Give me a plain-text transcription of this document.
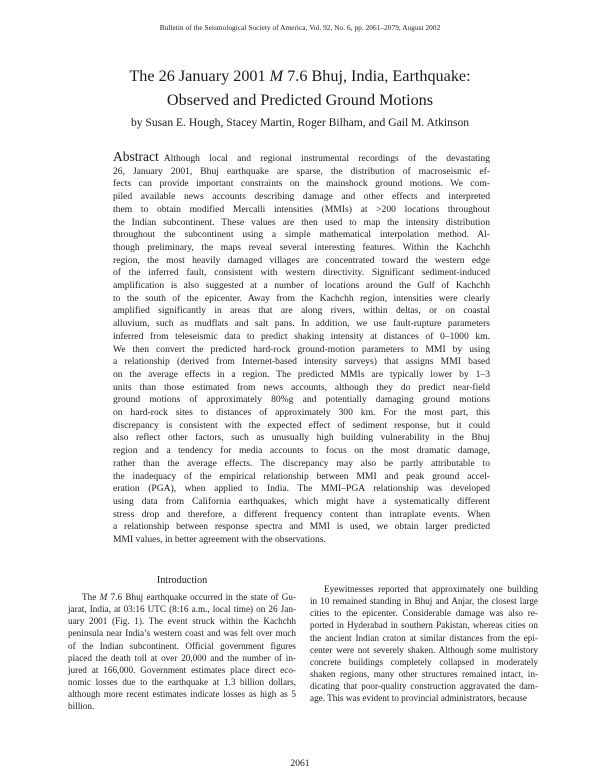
Bulletin of the Seismological Society of America, Vol. 92, No. 6, pp. 2061–2079, August 2002
The 26 January 2001 M 7.6 Bhuj, India, Earthquake:
Observed and Predicted Ground Motions
by Susan E. Hough, Stacey Martin, Roger Bilham, and Gail M. Atkinson
Abstract Although local and regional instrumental recordings of the devastating
26, January 2001, Bhuj earthquake are sparse, the distribution of macroseismic ef-
fects can provide important constraints on the mainshock ground motions. We com-
piled available news accounts describing damage and other effects and interpreted
them to obtain modified Mercalli intensities (MMIs) at >200 locations throughout
the Indian subcontinent. These values are then used to map the intensity distribution
throughout the subcontinent using a simple mathematical interpolation method. Al-
though preliminary, the maps reveal several interesting features. Within the Kachchh
region, the most heavily damaged villages are concentrated toward the western edge
of the inferred fault, consistent with western directivity. Significant sediment-induced
amplification is also suggested at a number of locations around the Gulf of Kachchh
to the south of the epicenter. Away from the Kachchh region, intensities were clearly
amplified significantly in areas that are along rivers, within deltas, or on coastal
alluvium, such as mudflats and salt pans. In addition, we use fault-rupture parameters
inferred from teleseismic data to predict shaking intensity at distances of 0–1000 km.
We then convert the predicted hard-rock ground-motion parameters to MMI by using
a relationship (derived from Internet-based intensity surveys) that assigns MMI based
on the average effects in a region. The predicted MMIs are typically lower by 1–3
units than those estimated from news accounts, although they do predict near-field
ground motions of approximately 80%g and potentially damaging ground motions
on hard-rock sites to distances of approximately 300 km. For the most part, this
discrepancy is consistent with the expected effect of sediment response, but it could
also reflect other factors, such as unusually high building vulnerability in the Bhuj
region and a tendency for media accounts to focus on the most dramatic damage,
rather than the average effects. The discrepancy may also be partly attributable to
the inadequacy of the empirical relationship between MMI and peak ground accel-
eration (PGA), when applied to India. The MMI–PGA relationship was developed
using data from California earthquakes, which might have a systematically different
stress drop and therefore, a different frequency content than intraplate events. When
a relationship between response spectra and MMI is used, we obtain larger predicted
MMI values, in better agreement with the observations.
Introduction
The M 7.6 Bhuj earthquake occurred in the state of Gu-
jarat, India, at 03:16 UTC (8:16 a.m., local time) on 26 Jan-
uary 2001 (Fig. 1). The event struck within the Kachchh
peninsula near India’s western coast and was felt over much
of the Indian subcontinent. Official government figures
placed the death toll at over 20,000 and the number of in-
jured at 166,000. Government estimates place direct eco-
nomic losses due to the earthquake at 1.3 billion dollars,
although more recent estimates indicate losses as high as 5
billion.
Eyewitnesses reported that approximately one building
in 10 remained standing in Bhuj and Anjar, the closest large
cities to the epicenter. Considerable damage was also re-
ported in Hyderabad in southern Pakistan, whereas cities on
the ancient Indian craton at similar distances from the epi-
center were not severely shaken. Although some multistory
concrete buildings completely collapsed in moderately
shaken regions, many other structures remained intact, in-
dicating that poor-quality construction aggravated the dam-
age. This was evident to provincial administrators, because
2061
